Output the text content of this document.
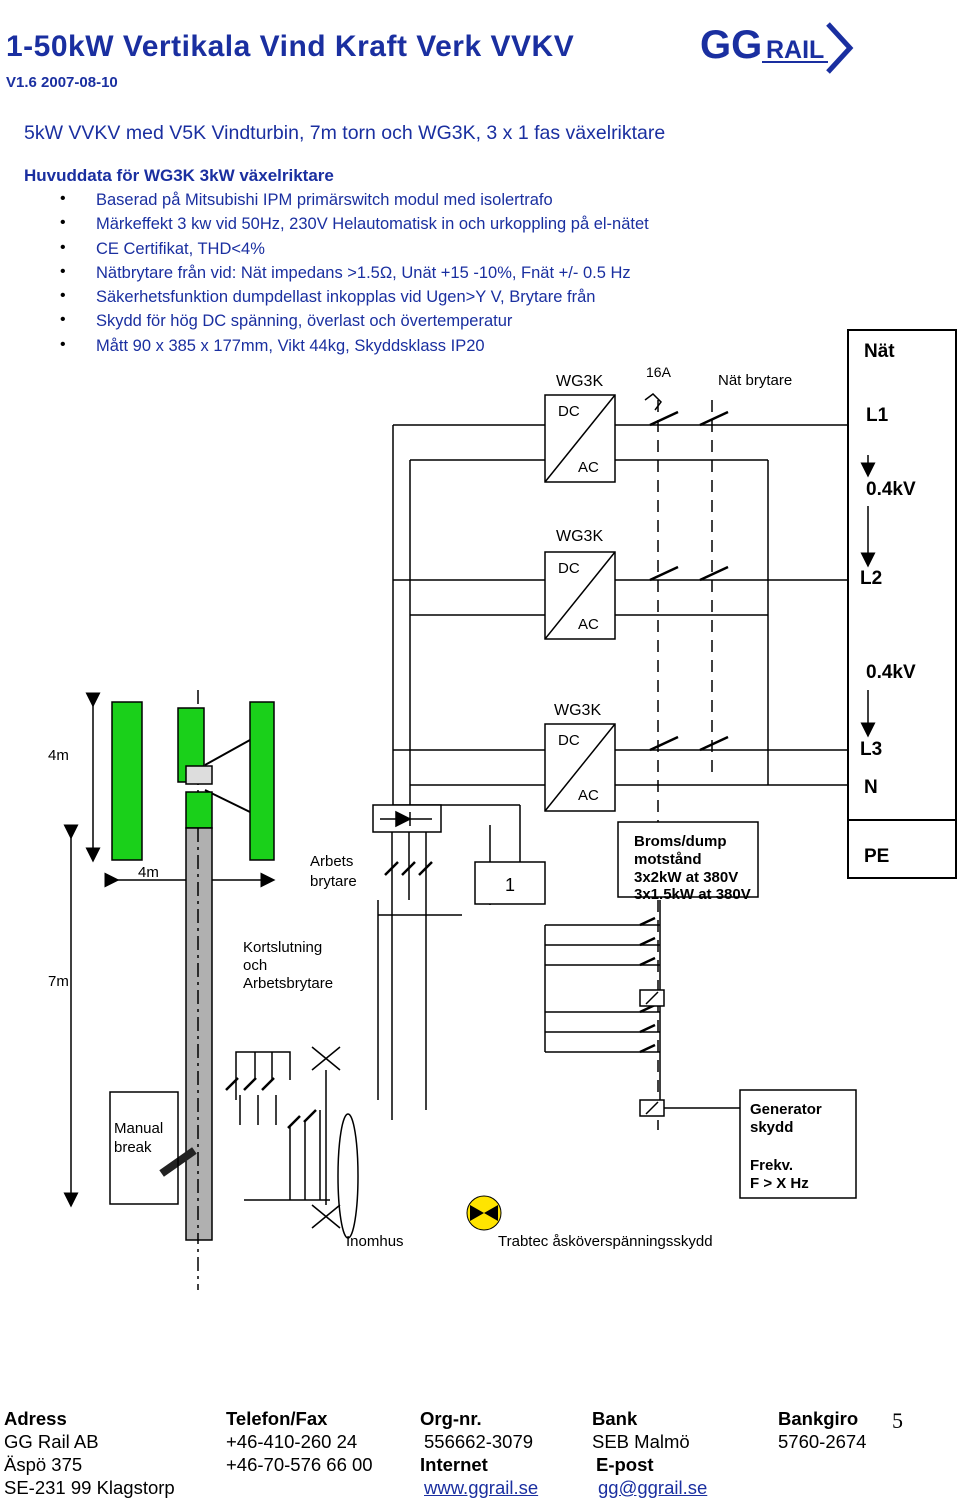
1-50kW Vertikala Vind Kraft Verk VVKV
V1.6 2007-08-10
GG RAIL
5kW VVKV med V5K Vindturbin, 7m torn och WG3K, 3 x 1 fas växelriktare
Huvuddata för WG3K 3kW växelriktare
• Baserad på Mitsubishi IPM primärswitch modul med isolertrafo
• Märkeffekt 3 kw vid 50Hz, 230V Helautomatisk in och urkoppling på el-nätet
• CE Certifikat, THD<4%
• Nätbrytare från vid: Nät impedans >1.5Ω, Unät +15 -10%, Fnät +/- 0.5 Hz
• Säkerhetsfunktion dumpdellast inkopplas vid Ugen>Y V, Brytare från
• Skydd för hög DC spänning, överlast och övertemperatur
• Mått 90 x 385 x 177mm, Vikt 44kg, Skyddsklass IP20	Nät
L1
0.4kV
L2
0.4kV
L3
N
PE
16A	Nät brytare
WG3K
WG3K
WG3K
DC
AC
DC
AC
DC
AC
4m
7m
4m
Arbets
brytare	1
Broms/dump
motstånd
3x2kW at 380V
3x1.5kW at 380V
Kortslutning
och
Arbetsbrytare
Generator
skydd
Frekv.
F > X Hz
Manual
break
Inomhus	Trabtec åsköverspänningsskydd
Adress
GG Rail AB
Äspö 375
SE-231 99 Klagstorp
Telefon/Fax
+46-410-260 24
+46-70-576 66 00
Org-nr.
556662-3079
Internet
www.ggrail.se
Bank
SEB Malmö
E-post
gg@ggrail.se
Bankgiro
5760-2674
5
